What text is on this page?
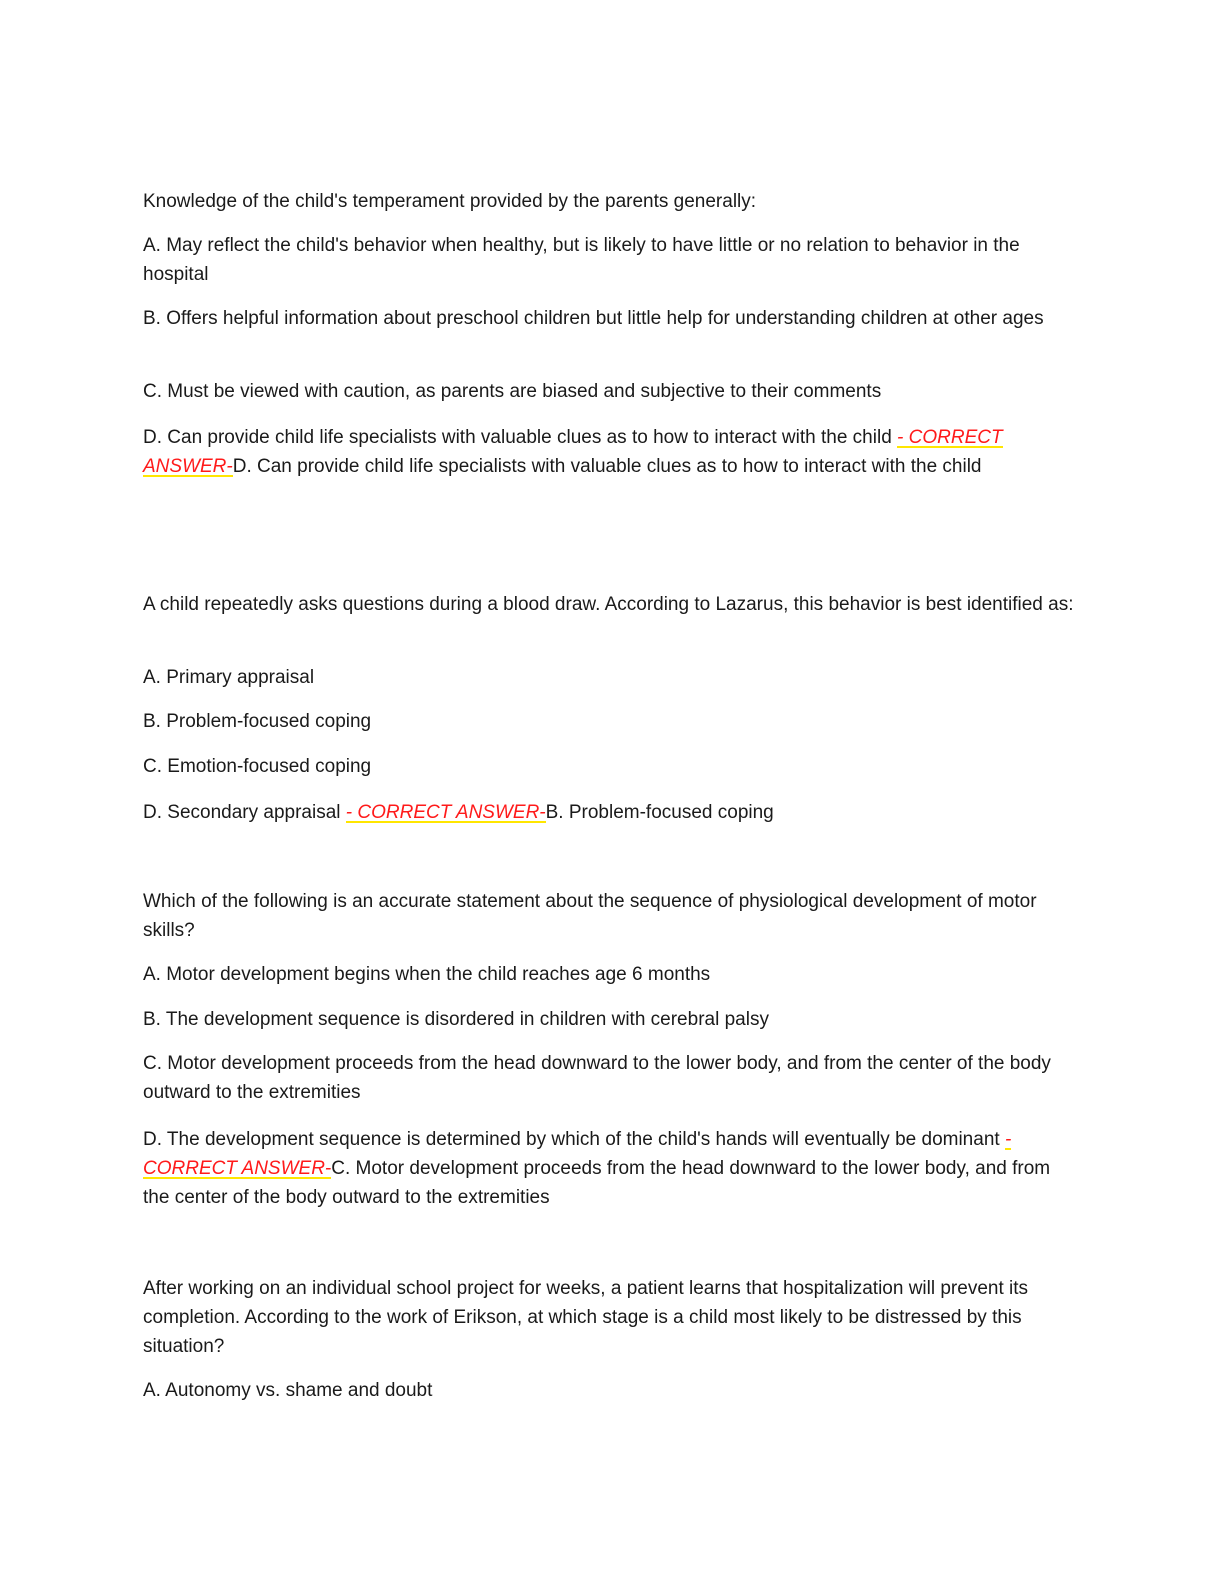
Knowledge of the child's temperament provided by the parents generally:

A. May reflect the child's behavior when healthy, but is likely to have little or no relation to behavior in the hospital

B. Offers helpful information about preschool children but little help for understanding children at other ages

C. Must be viewed with caution, as parents are biased and subjective to their comments

D. Can provide child life specialists with valuable clues as to how to interact with the child - CORRECT ANSWER-D. Can provide child life specialists with valuable clues as to how to interact with the child

A child repeatedly asks questions during a blood draw. According to Lazarus, this behavior is best identified as:

A. Primary appraisal

B. Problem-focused coping

C. Emotion-focused coping

D. Secondary appraisal - CORRECT ANSWER-B. Problem-focused coping

Which of the following is an accurate statement about the sequence of physiological development of motor skills?

A. Motor development begins when the child reaches age 6 months

B. The development sequence is disordered in children with cerebral palsy

C. Motor development proceeds from the head downward to the lower body, and from the center of the body outward to the extremities

D. The development sequence is determined by which of the child's hands will eventually be dominant - CORRECT ANSWER-C. Motor development proceeds from the head downward to the lower body, and from the center of the body outward to the extremities

After working on an individual school project for weeks, a patient learns that hospitalization will prevent its completion. According to the work of Erikson, at which stage is a child most likely to be distressed by this situation?

A. Autonomy vs. shame and doubt
